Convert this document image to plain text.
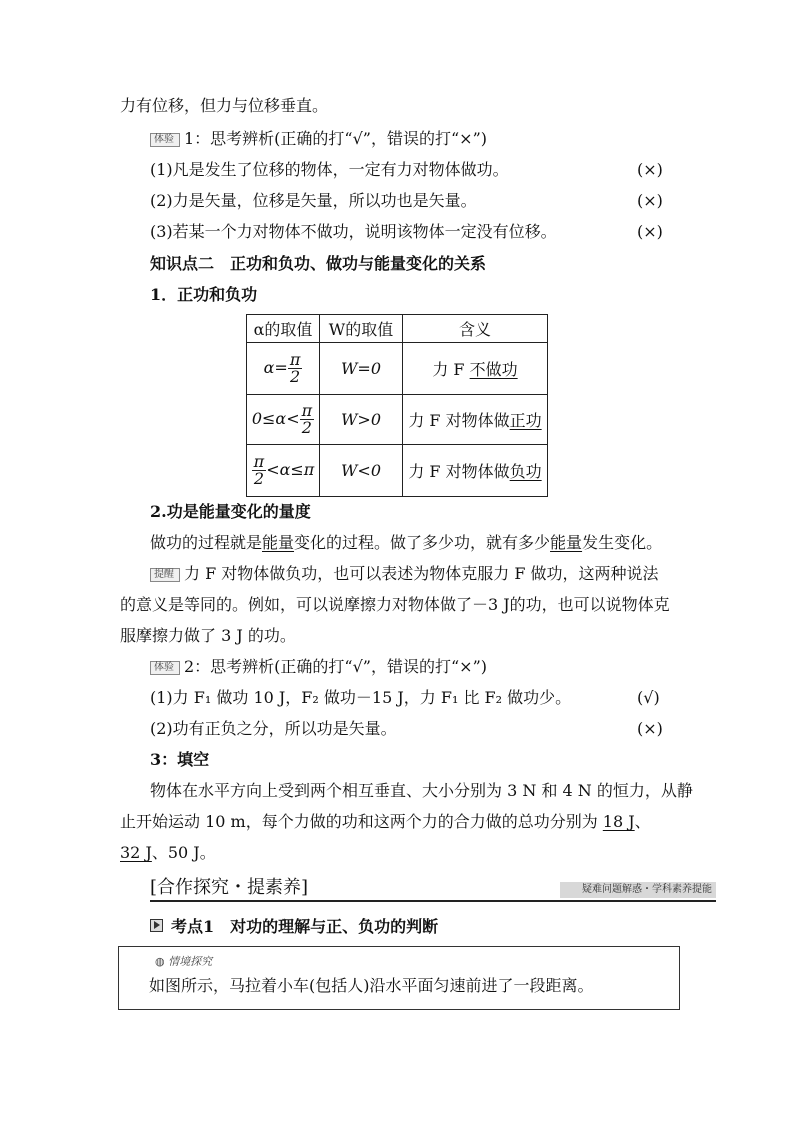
力有位移，但力与位移垂直。
体验 1：思考辨析(正确的打“√”，错误的打“×”)
(1)凡是发生了位移的物体，一定有力对物体做功。	(×)
(2)力是矢量，位移是矢量，所以功也是矢量。	(×)
(3)若某一个力对物体不做功，说明该物体一定没有位移。	(×)
知识点二　正功和负功、做功与能量变化的关系
1．正功和负功
α的取值	W的取值	含义
$\alpha= \frac{\pi}{2}$	W=0	力 F 不做功
$0\le\alpha< \frac{\pi}{2}$	W>0	力 F 对物体做正功

$\frac{\pi}{2} <\alpha\le\pi$	W<0	力 F 对物体做负功
2.功是能量变化的量度
做功的过程就是能量变化的过程。做了多少功，就有多少能量发生变化。
提醒 力 F 对物体做负功，也可以表述为物体克服力 F 做功，这两种说法
的意义是等同的。例如，可以说摩擦力对物体做了－3 J的功，也可以说物体克
服摩擦力做了 3 J 的功。
体验 2：思考辨析(正确的打“√”，错误的打“×”)
(1)力 F₁ 做功 10 J，F₂ 做功－15 J，力 F₁ 比 F₂ 做功少。	(√)
(2)功有正负之分，所以功是矢量。	(×)
3：填空
物体在水平方向上受到两个相互垂直、大小分别为 3 N 和 4 N 的恒力，从静
止开始运动 10 m，每个力做的功和这两个力的合力做的总功分别为 18 J、
32 J、50 J。
[合作探究・提素养]	疑难问题解惑・学科素养提能
考点1　对功的理解与正、负功的判断
◍ 情境探究
如图所示，马拉着小车(包括人)沿水平面匀速前进了一段距离。
